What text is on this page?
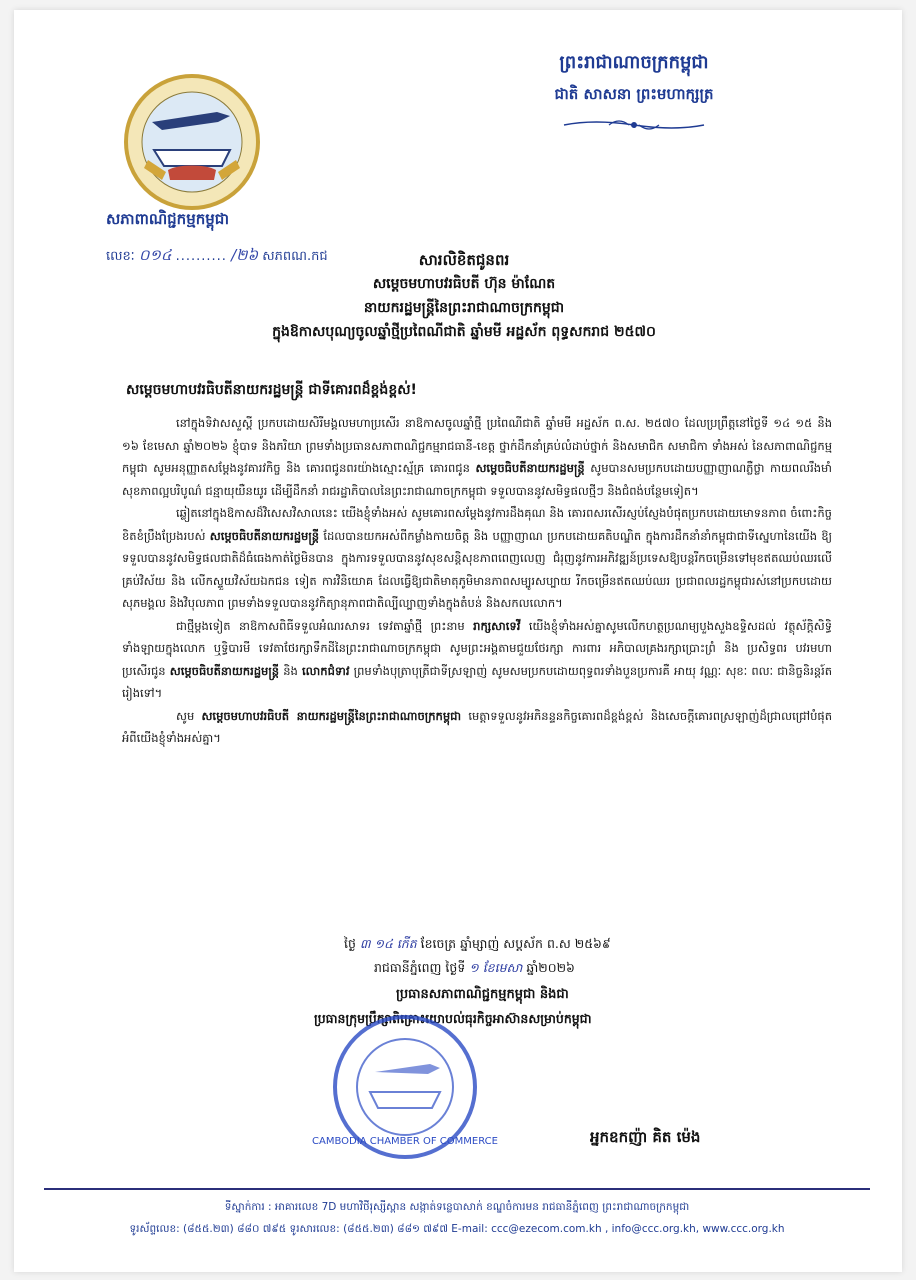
សភាពាណិជ្ជកម្មកម្ពុជា
លេខៈ ០១៤ .......... /២៦ សភពណ.កជ
ព្រះរាជាណាចក្រកម្ពុជា
ជាតិ សាសនា ព្រះមហាក្សត្រ
សារលិខិតជូនពរ
សម្តេចមហាបវរធិបតី ហ៊ុន ម៉ាណែត
នាយករដ្ឋមន្ត្រីនៃព្រះរាជាណាចក្រកម្ពុជា
ក្នុងឱកាសបុណ្យចូលឆ្នាំថ្មីប្រពៃណីជាតិ ឆ្នាំមមី អដ្ឋស័ក ពុទ្ធសករាជ ២៥៧០
សម្តេចមហាបវរធិបតីនាយករដ្ឋមន្ត្រី ជាទីគោរពដ៏ខ្ពង់ខ្ពស់!

នៅក្នុងទិវាសសួស្តី ប្រកបដោយសិរីមង្គលមហាប្រសើរ នាឱកាសចូលឆ្នាំថ្មី ប្រពៃណីជាតិ ឆ្នាំមមី អដ្ឋស័ក ព.ស. ២៥៧០ ដែលប្រព្រឹត្តនៅថ្ងៃទី ១៤ ១៥ និង ១៦ ខែមេសា ឆ្នាំ២០២៦ ខ្ញុំបាទ និងភរិយា ព្រមទាំងប្រធានសភាពាណិជ្ជកម្មរាជធានី-ខេត្ត ថ្នាក់ដឹកនាំគ្រប់លំដាប់ថ្នាក់ និងសមាជិក សមាជិកា ទាំងអស់ នៃសភាពាណិជ្ជកម្មកម្ពុជា សូមអនុញ្ញាតសម្តែងនូវគារវកិច្ច និង គោរពជូនពរយ៉ាងស្មោះស្ម័គ្រ គោរពជូន សម្តេចធិបតីនាយករដ្ឋមន្ត្រី សូមបានសមប្រកបដោយបញ្ញាញាណភ្លឺថ្លា កាយពលរឹងមាំ សុខភាពល្អបរិបូណ៌ ជន្មាយុយឺនយូរ ដើម្បីដឹកនាំ រាជរដ្ឋាភិបាលនៃព្រះរាជាណាចក្រកម្ពុជា ទទួលបាននូវសមិទ្ធផលថ្មីៗ និងជំពង់បន្ថែមទៀត។

ឆ្លៀតនៅក្នុងឱកាសដ៏វិសេសវិសាលនេះ យើងខ្ញុំទាំងអស់ សូមគោរពសម្តែងនូវការដឹងគុណ និង គោរពសរសើរស្ញប់ស្ញែងបំផុតប្រកបដោយមោទនភាព ចំពោះកិច្ចខិតខំប្រឹងប្រែងរបស់ សម្តេចធិបតីនាយករដ្ឋមន្ត្រី ដែលបានយកអស់ពីកម្លាំងកាយចិត្ត និង បញ្ញាញាណ ប្រកបដោយគតិបណ្ឌិត ក្នុងការដឹកនាំនាំកម្ពុជាជាទីស្នេហានៃយើង ឱ្យទទួលបាននូវសមិទ្ធផលជាតិដ៏ធំធេងកាត់ថ្លៃមិនបាន ក្នុងការទទួលបាននូវសុខសន្តិសុខភាពពេញលេញ ជំរុញនូវការអភិវឌ្ឍន៍ប្រទេសឱ្យបន្តរីកចម្រើនទៅមុខឥតឈប់ឈរលើគ្រប់វិស័យ និង លើកស្ទួយវិស័យឯកជន ទៀត ការវិនិយោគ ដែលធ្វើឱ្យជាតិមាតុភូមិមានភាពសម្បូរសប្បាយ រីកចម្រើនឥតឈប់ឈរ ប្រជាពលរដ្ឋកម្ពុជារស់នៅប្រកបដោយ សុភមង្គល និងវិបុលភាព ព្រមទាំងទទួលបាននូវកិត្យានុភាពជាតិល្បីល្បាញទាំងក្នុងតំបន់ និងសកលលោក។

ជាថ្មីម្តងទៀត នាឱកាសពិធីទទួលអំណរសាទរ ទេវតាឆ្នាំថ្មី ព្រះនាម រាក្សសាទេវី យើងខ្ញុំទាំងអស់គ្នាសូមលើកហត្ថប្រណម្យបួងសួងឧទ្ទិសដល់ វត្ថុស័ក្តិសិទ្ធិទាំងឡាយក្នុងលោក ឬទ្ធិបារមី ទេវតាថែរក្សាទឹកដីនៃព្រះរាជាណាចក្រកម្ពុជា សូមព្រះអង្គតាមជួយថែរក្សា ការពារ អភិបាលគ្រងរក្សាប្រោះព្រំ និង ប្រសិទ្ធពរ បវរមហាប្រសើរជូន សម្តេចធិបតីនាយករដ្ឋមន្ត្រី និង លោកជំទាវ ព្រមទាំងបុត្រាបុត្រីជាទីស្រឡាញ់ សូមសមប្រកបដោយពុទ្ធពរទាំងបួនប្រការគឺ អាយុ វណ្ណៈ សុខៈ ពលៈ ជានិច្ចនិរន្តរ៍តរៀងទៅ។

សូម សម្តេចមហាបវរធិបតី នាយករដ្ឋមន្ត្រីនៃព្រះរាជាណាចក្រកម្ពុជា មេត្តាទទួលនូវអភិនន្ទនកិច្ចគោរពដ៏ខ្ពង់ខ្ពស់ និងសេចក្តីគោរពស្រឡាញ់ដ៏ជ្រាលជ្រៅបំផុតអំពីយើងខ្ញុំទាំងអស់គ្នា។

ថ្ងៃ ៣ ១៤ កើត ខែចេត្រ ឆ្នាំម្សាញ់ សប្តស័ក ព.ស ២៥៦៩
រាជធានីភ្នំពេញ ថ្ងៃទី ១ ខែមេសា ឆ្នាំ២០២៦
ប្រធានសភាពាណិជ្ជកម្មកម្ពុជា និងជា
ប្រធានក្រុមប្រឹក្សាពិគ្រោះយោបល់ធុរកិច្ចអាស៊ានសម្រាប់កម្ពុជា
CAMBODIA CHAMBER OF COMMERCE	អ្នកឧកញ៉ា គិត ម៉េង
ទីស្នាក់ការ : អាគារលេខ 7D មហាវិថីរុស្សីស្ពាន សង្កាត់ទន្លេបាសាក់ ខណ្ឌចំការមន រាជធានីភ្នំពេញ ព្រះរាជាណាចក្រកម្ពុជា
ទូរស័ព្ទលេខ: (៨៥៥.២៣) ៨៨០ ៧៩៥ ទូរសារលេខ: (៨៥៥.២៣) ៨៨១ ៧៩៧ E-mail: ccc@ezecom.com.kh , info@ccc.org.kh, www.ccc.org.kh
